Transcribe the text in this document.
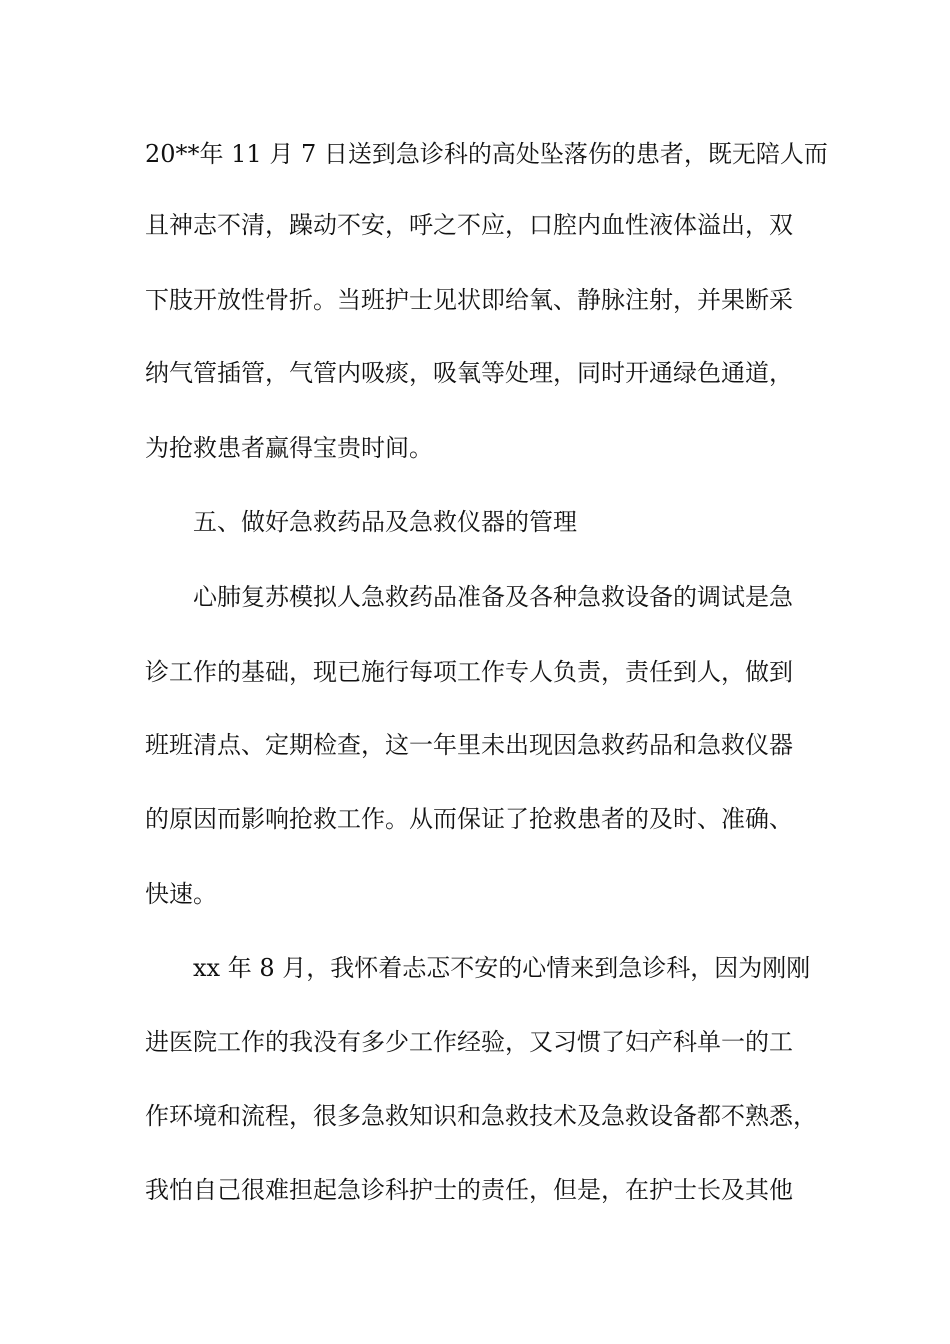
20**年 11 月 7 日送到急诊科的高处坠落伤的患者，既无陪人而

且神志不清，躁动不安，呼之不应，口腔内血性液体溢出，双

下肢开放性骨折。当班护士见状即给氧、静脉注射，并果断采

纳气管插管，气管内吸痰，吸氧等处理，同时开通绿色通道，

为抢救患者赢得宝贵时间。

五、做好急救药品及急救仪器的管理

心肺复苏模拟人急救药品准备及各种急救设备的调试是急

诊工作的基础，现已施行每项工作专人负责，责任到人，做到

班班清点、定期检查，这一年里未出现因急救药品和急救仪器

的原因而影响抢救工作。从而保证了抢救患者的及时、准确、

快速。

xx 年 8 月，我怀着忐忑不安的心情来到急诊科，因为刚刚

进医院工作的我没有多少工作经验，又习惯了妇产科单一的工

作环境和流程，很多急救知识和急救技术及急救设备都不熟悉，

我怕自己很难担起急诊科护士的责任，但是，在护士长及其他
